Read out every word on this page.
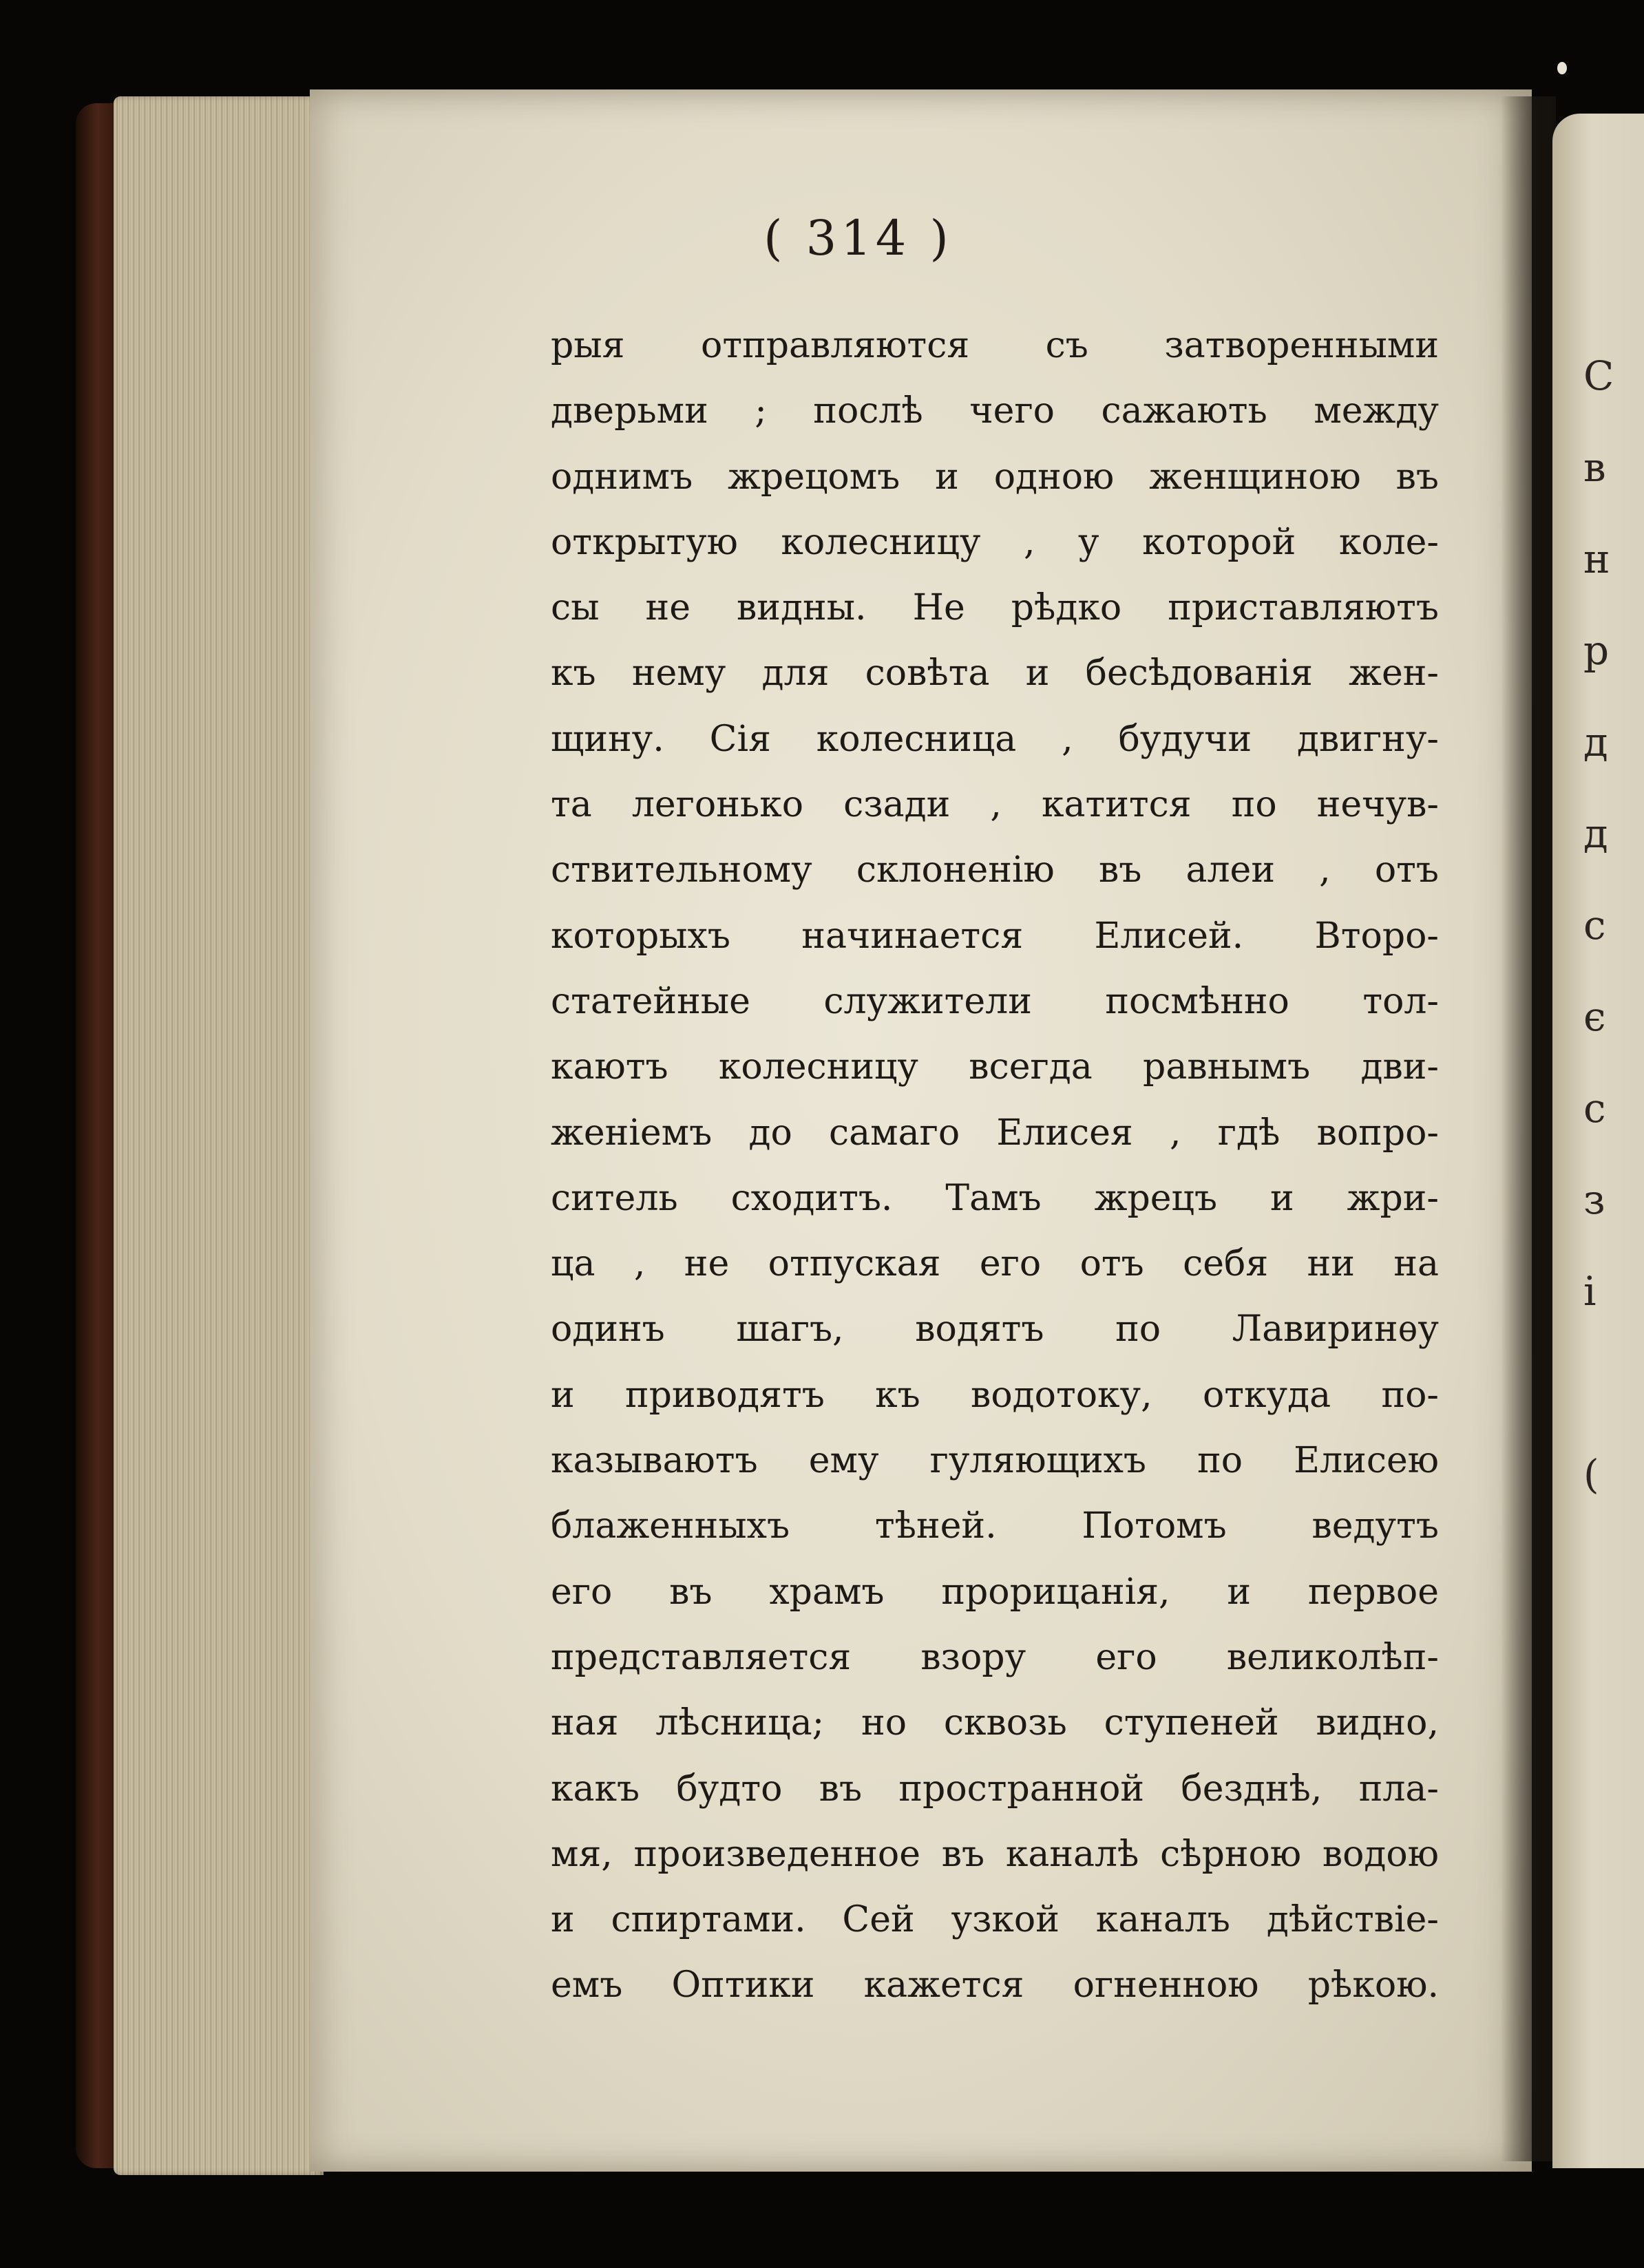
C
в
н
р
д
д
с
є
с
з
і
(
( 314 )
рыя отправляются съ затворенными
дверьми ; послѣ чего сажають между
однимъ жрецомъ и одною женщиною въ
открытую колесницу , у которой коле-
сы не видны. Не рѣдко приставляютъ
къ нему для совѣта и бесѣдованія жен-
щину. Сія колесница , будучи двигну-
та легонько сзади , катится по нечув-
ствительному склоненію въ алеи , отъ
которыхъ начинается Елисей. Второ-
статейные служители посмѣнно тол-
каютъ колесницу всегда равнымъ дви-
женіемъ до самаго Елисея , гдѣ вопро-
ситель сходитъ. Тамъ жрецъ и жри-
ца , не отпуская его отъ себя ни на
одинъ шагъ, водятъ по Лавиринѳу
и приводятъ къ водотоку, откуда по-
казываютъ ему гуляющихъ по Елисею
блаженныхъ тѣней. Потомъ ведутъ
его въ храмъ прорицанія, и первое
представляется взору его великолѣп-
ная лѣсница; но сквозь ступеней видно,
какъ будто въ пространной безднѣ, пла-
мя, произведенное въ каналѣ сѣрною водою
и спиртами. Сей узкой каналъ дѣйствiе-
емъ Оптики кажется огненною рѣкою.
